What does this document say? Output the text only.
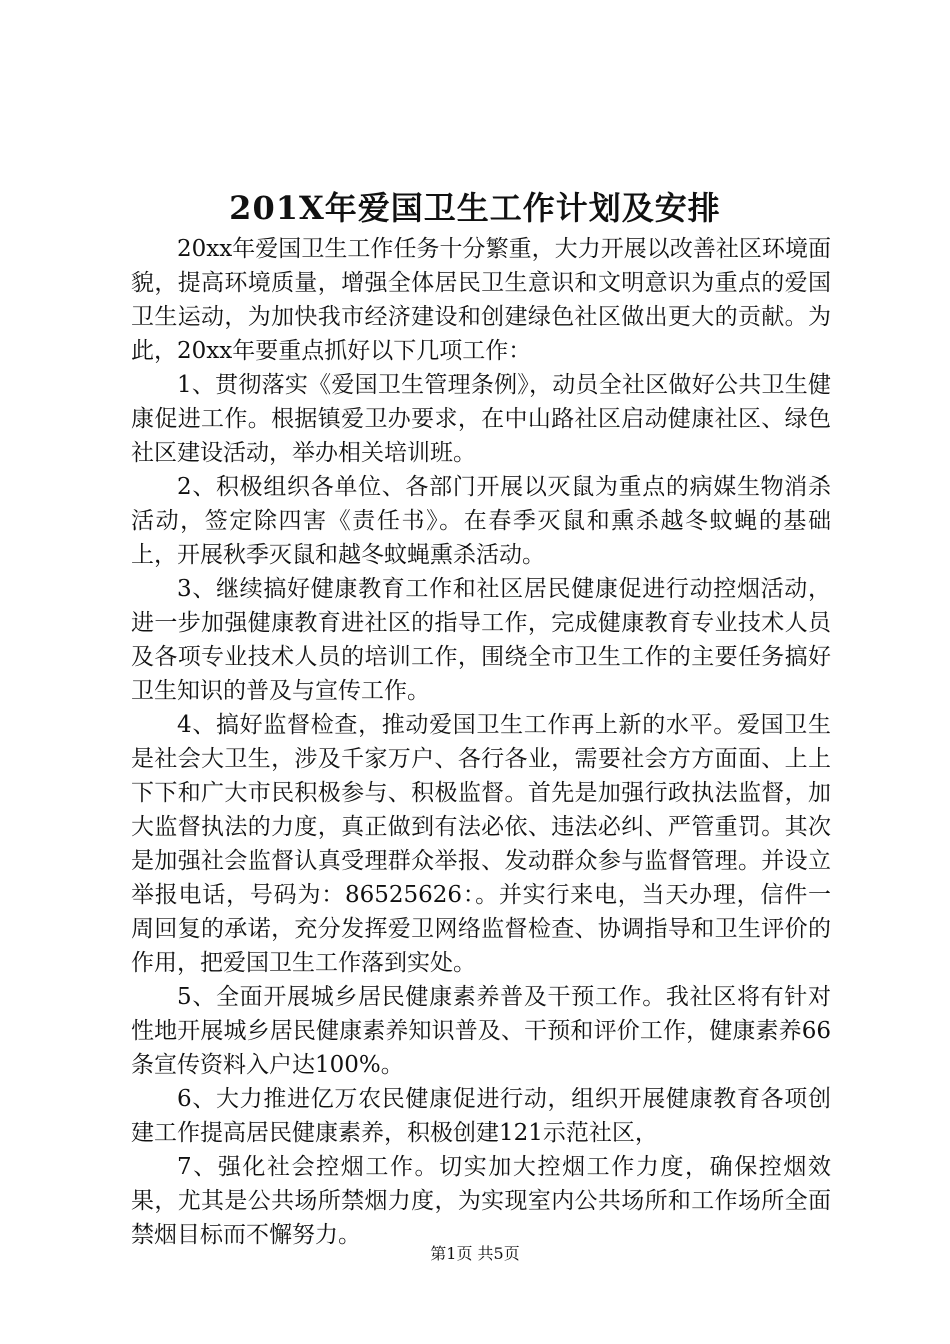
201X年爱国卫生工作计划及安排

20xx年爱国卫生工作任务十分繁重，大力开展以改善社区环境面貌，提高环境质量，增强全体居民卫生意识和文明意识为重点的爱国卫生运动，为加快我市经济建设和创建绿色社区做出更大的贡献。为此，20xx年要重点抓好以下几项工作：

1、贯彻落实《爱国卫生管理条例》，动员全社区做好公共卫生健康促进工作。根据镇爱卫办要求，在中山路社区启动健康社区、绿色社区建设活动，举办相关培训班。

2、积极组织各单位、各部门开展以灭鼠为重点的病媒生物消杀活动，签定除四害《责任书》。在春季灭鼠和熏杀越冬蚊蝇的基础上，开展秋季灭鼠和越冬蚊蝇熏杀活动。

3、继续搞好健康教育工作和社区居民健康促进行动控烟活动，进一步加强健康教育进社区的指导工作，完成健康教育专业技术人员及各项专业技术人员的培训工作，围绕全市卫生工作的主要任务搞好卫生知识的普及与宣传工作。

4、搞好监督检查，推动爱国卫生工作再上新的水平。爱国卫生是社会大卫生，涉及千家万户、各行各业，需要社会方方面面、上上下下和广大市民积极参与、积极监督。首先是加强行政执法监督，加大监督执法的力度，真正做到有法必依、违法必纠、严管重罚。其次是加强社会监督认真受理群众举报、发动群众参与监督管理。并设立举报电话，号码为：86525626：。并实行来电，当天办理，信件一周回复的承诺，充分发挥爱卫网络监督检查、协调指导和卫生评价的作用，把爱国卫生工作落到实处。

5、全面开展城乡居民健康素养普及干预工作。我社区将有针对性地开展城乡居民健康素养知识普及、干预和评价工作，健康素养66条宣传资料入户达100%。

6、大力推进亿万农民健康促进行动，组织开展健康教育各项创建工作提高居民健康素养，积极创建121示范社区，

7、强化社会控烟工作。切实加大控烟工作力度，确保控烟效果，尤其是公共场所禁烟力度，为实现室内公共场所和工作场所全面禁烟目标而不懈努力。

第1页 共5页
